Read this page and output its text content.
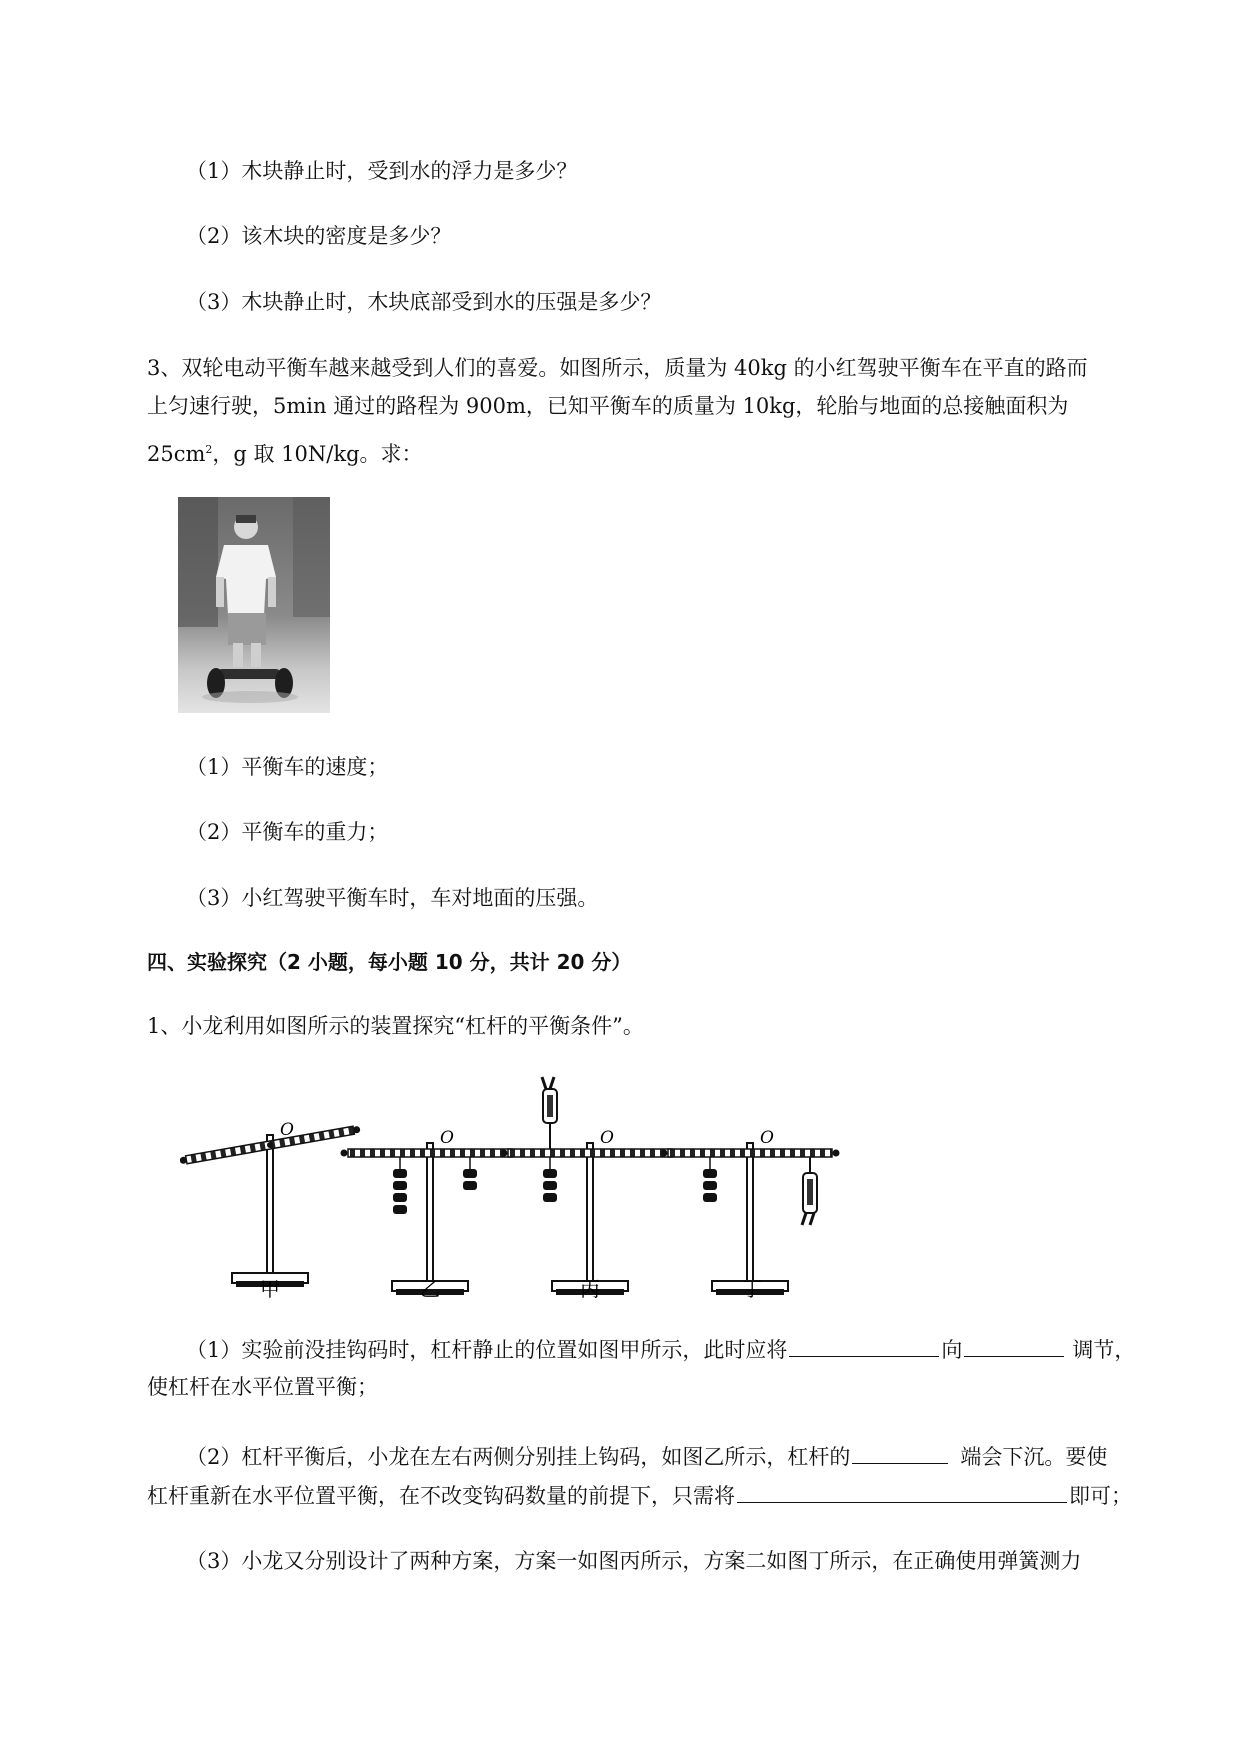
（1）木块静止时，受到水的浮力是多少？
（2）该木块的密度是多少？
（3）木块静止时，木块底部受到水的压强是多少？
3、双轮电动平衡车越来越受到人们的喜爱。如图所示，质量为 40kg 的小红驾驶平衡车在平直的路而
上匀速行驶，5min 通过的路程为 900m，已知平衡车的质量为 10kg，轮胎与地面的总接触面积为
$25cm^2$，g 取 10N/kg。求：
（1）平衡车的速度；
（2）平衡车的重力；
（3）小红驾驶平衡车时，车对地面的压强。
四、实验探究（2 小题，每小题 10 分，共计 20 分）
1、小龙利用如图所示的装置探究“杠杆的平衡条件”。
O	O	O	O
甲	乙	丙	丁
（1）实验前没挂钩码时，杠杆静止的位置如图甲所示，此时应将	向	调节，
使杠杆在水平位置平衡；
（2）杠杆平衡后，小龙在左右两侧分别挂上钩码，如图乙所示，杠杆的	端会下沉。要使
杠杆重新在水平位置平衡，在不改变钩码数量的前提下，只需将	即可；
（3）小龙又分别设计了两种方案，方案一如图丙所示，方案二如图丁所示，在正确使用弹簧测力
